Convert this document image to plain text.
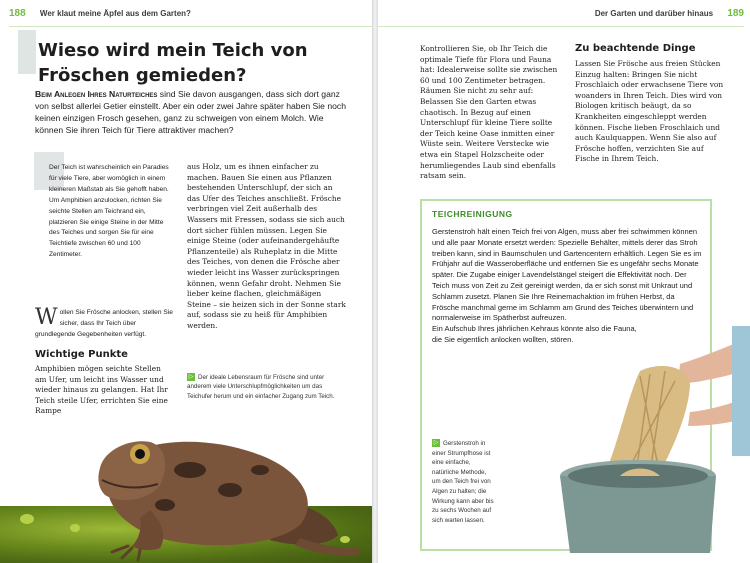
188 Wer klaut meine Äpfel aus dem Garten?
Wieso wird mein Teich von Fröschen gemieden?

Beim Anlegen Ihres Naturteiches sind Sie davon ausgangen, dass sich dort ganz von selbst allerlei Getier einstellt. Aber ein oder zwei Jahre später haben Sie noch keinen einzigen Frosch gesehen, ganz zu schweigen von einem Molch. Wie können Sie ihren Teich für Tiere attraktiver machen?

Der Teich ist wahrscheinlich ein Paradies für viele Tiere, aber womöglich in einem kleineren Maßstab als Sie gehofft haben. Um Amphibien anzulocken, richten Sie seichte Stellen am Teichrand ein, platzieren Sie einige Steine in der Mitte des Teiches und sorgen Sie für eine Teichtiefe zwischen 60 und 100 Zentimeter.

Wollen Sie Frösche anlocken, stellen Sie sicher, dass Ihr Teich über grundlegende Gegebenheiten verfügt.

Wichtige Punkte

Amphibien mögen seichte Stellen am Ufer, um leicht ins Wasser und wieder hinaus zu gelangen. Hat Ihr Teich steile Ufer, errichten Sie eine Rampe

aus Holz, um es ihnen einfacher zu machen. Bauen Sie einen aus Pflanzen bestehenden Unterschlupf, der sich an das Ufer des Teiches anschließt. Frösche verbringen viel Zeit außerhalb des Wassers mit Fressen, sodass sie sich auch dort sicher fühlen müssen. Legen Sie einige Steine (oder aufeinandergehäufte Pflanzenteile) als Ruheplatz in die Mitte des Teiches, von denen die Frösche aber wieder leicht ins Wasser zurückspringen können, wenn Gefahr droht. Nehmen Sie lieber keine flachen, gleichmäßigen Steine – sie heizen sich in der Sonne stark auf, sodass sie zu heiß für Amphibien werden.

▷ Der ideale Lebensraum für Frösche sind unter anderem viele Unterschlupfmöglichkeiten um das Teichufer herum und ein einfacher Zugang zum Teich.

Der Garten und darüber hinaus 189

Kontrollieren Sie, ob Ihr Teich die optimale Tiefe für Flora und Fauna hat: Idealerweise sollte sie zwischen 60 und 100 Zentimeter betragen. Räumen Sie nicht zu sehr auf: Belassen Sie den Garten etwas chaotisch. In Bezug auf einen Unterschlupf für kleine Tiere sollte der Teich keine Oase inmitten einer Wüste sein. Weitere Verstecke wie etwa ein Stapel Holzscheite oder herumliegendes Laub sind ebenfalls ratsam sein.

Zu beachtende Dinge

Lassen Sie Frösche aus freien Stücken Einzug halten: Bringen Sie nicht Froschlaich oder erwachsene Tiere von woanders in Ihren Teich. Dies wird von Biologen kritisch beäugt, da so Krankheiten eingeschleppt werden können. Fische lieben Froschlaich und auch Kaulquappen. Wenn Sie also auf Frösche hoffen, verzichten Sie auf Fische in Ihrem Teich.

TEICHREINIGUNG

Gerstenstroh hält einen Teich frei von Algen, muss aber frei schwimmen können und alle paar Monate ersetzt werden: Spezielle Behälter, mittels derer das Stroh treiben kann, sind in Baumschulen und Gartencentern erhältlich. Legen Sie es im Frühjahr auf die Wasseroberfläche und entfernen Sie es ungefähr sechs Monate später. Die Zugabe einiger Lavendelstängel steigert die Effektivität noch. Der Teich muss von Zeit zu Zeit gereinigt werden, da er sich sonst mit Unkraut und Schlamm zusetzt. Planen Sie Ihre Reinemachaktion im frühen Herbst, da Frösche manchmal gerne im Schlamm am Grund des Teiches überwintern und normalerweise im Spätherbst aufreuzen.

Ein Aufschub Ihres jährlichen Kehraus könnte also die Fauna, die Sie eigentlich anlocken wollten, stören.

▷ Gerstenstroh in einer Strumpfhose ist eine einfache, natürliche Methode, um den Teich frei von Algen zu halten; die Wirkung kann aber bis zu sechs Wochen auf sich warten lassen.
